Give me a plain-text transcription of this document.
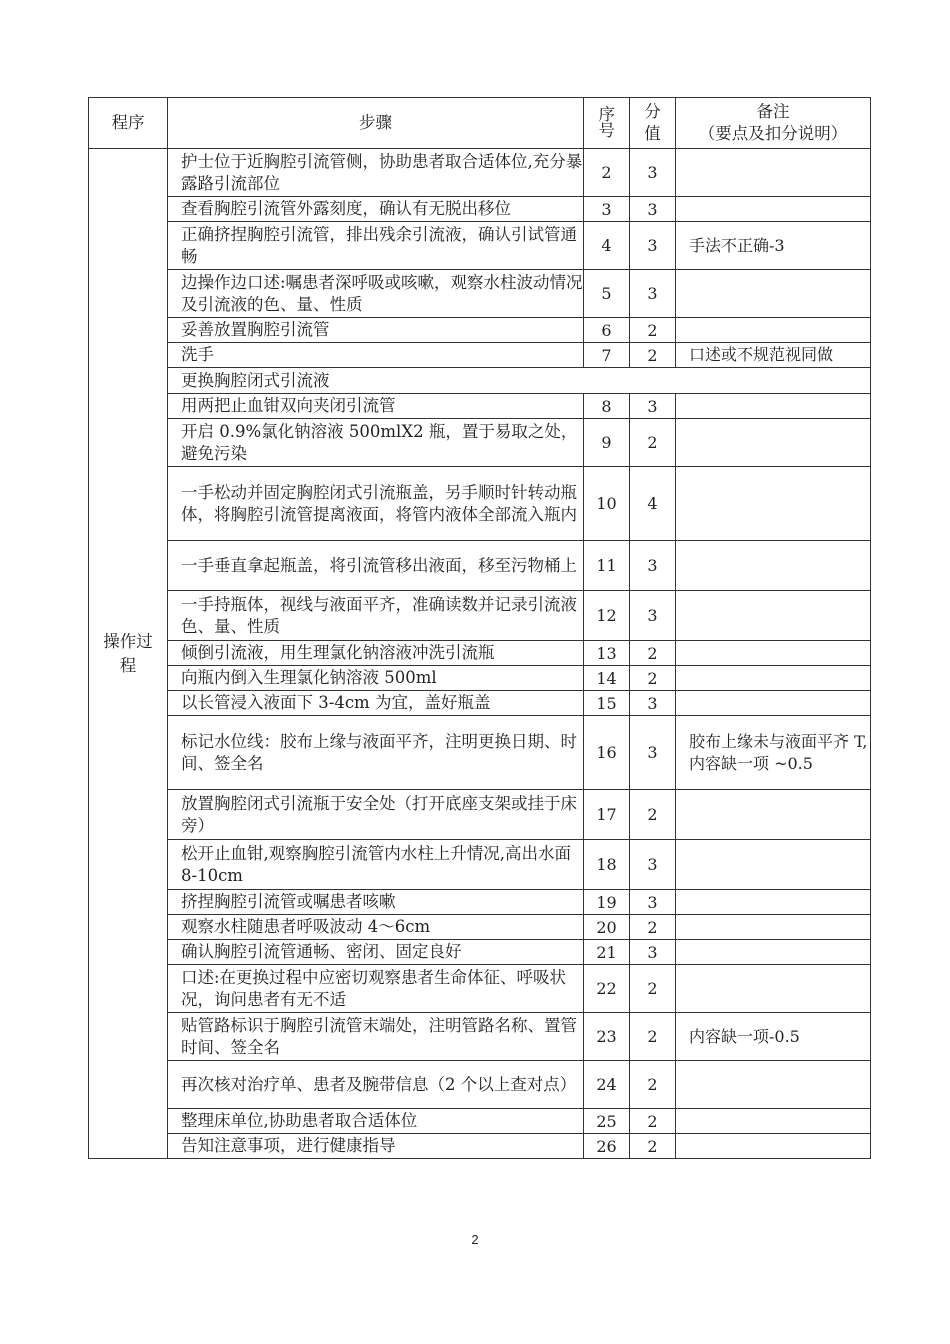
程序	步骤	序号	分值	备注
（要点及扣分说明）

操作过程	护士位于近胸腔引流管侧，协助患者取合适体位,充分暴露路引流部位	2	3	
	查看胸腔引流管外露刻度，确认有无脱出移位	3	3	
	正确挤捏胸腔引流管，排出残余引流液，确认引试管通畅	4	3	手法不正确-3
	边操作边口述:嘱患者深呼吸或咳嗽，观察水柱波动情况及引流液的色、量、性质	5	3	
	妥善放置胸腔引流管	6	2	
	洗手	7	2	口述或不规范视同做
	更换胸腔闭式引流液			
	用两把止血钳双向夹闭引流管	8	3	
	开启 0.9%氯化钠溶液 500mlX2 瓶，置于易取之处，避免污染	9	2	
	一手松动并固定胸腔闭式引流瓶盖，另手顺时针转动瓶体，将胸腔引流管提离液面，将管内液体全部流入瓶内	10	4	
	一手垂直拿起瓶盖，将引流管移出液面，移至污物桶上	11	3	
	一手持瓶体，视线与液面平齐，准确读数并记录引流液色、量、性质	12	3	
	倾倒引流液，用生理氯化钠溶液冲洗引流瓶	13	2	
	向瓶内倒入生理氯化钠溶液 500ml	14	2	
	以长管浸入液面下 3-4cm 为宜，盖好瓶盖	15	3	
	标记水位线：胶布上缘与液面平齐，注明更换日期、时间、签全名	16	3	胶布上缘未与液面平齐 T,内容缺一项 ~0.5
	放置胸腔闭式引流瓶于安全处（打开底座支架或挂于床旁）	17	2	
	松开止血钳,观察胸腔引流管内水柱上升情况,高出水面 8-10cm	18	3	
	挤捏胸腔引流管或嘱患者咳嗽	19	3	
	观察水柱随患者呼吸波动 4〜6cm	20	2	
	确认胸腔引流管通畅、密闭、固定良好	21	3	
	口述:在更换过程中应密切观察患者生命体征、呼吸状况，询问患者有无不适	22	2	
	贴管路标识于胸腔引流管末端处，注明管路名称、置管时间、签全名	23	2	内容缺一项-0.5
	再次核对治疗单、患者及腕带信息（2 个以上查对点）	24	2	
	整理床单位,协助患者取合适体位	25	2	
	告知注意事项，进行健康指导	26	2	
2
